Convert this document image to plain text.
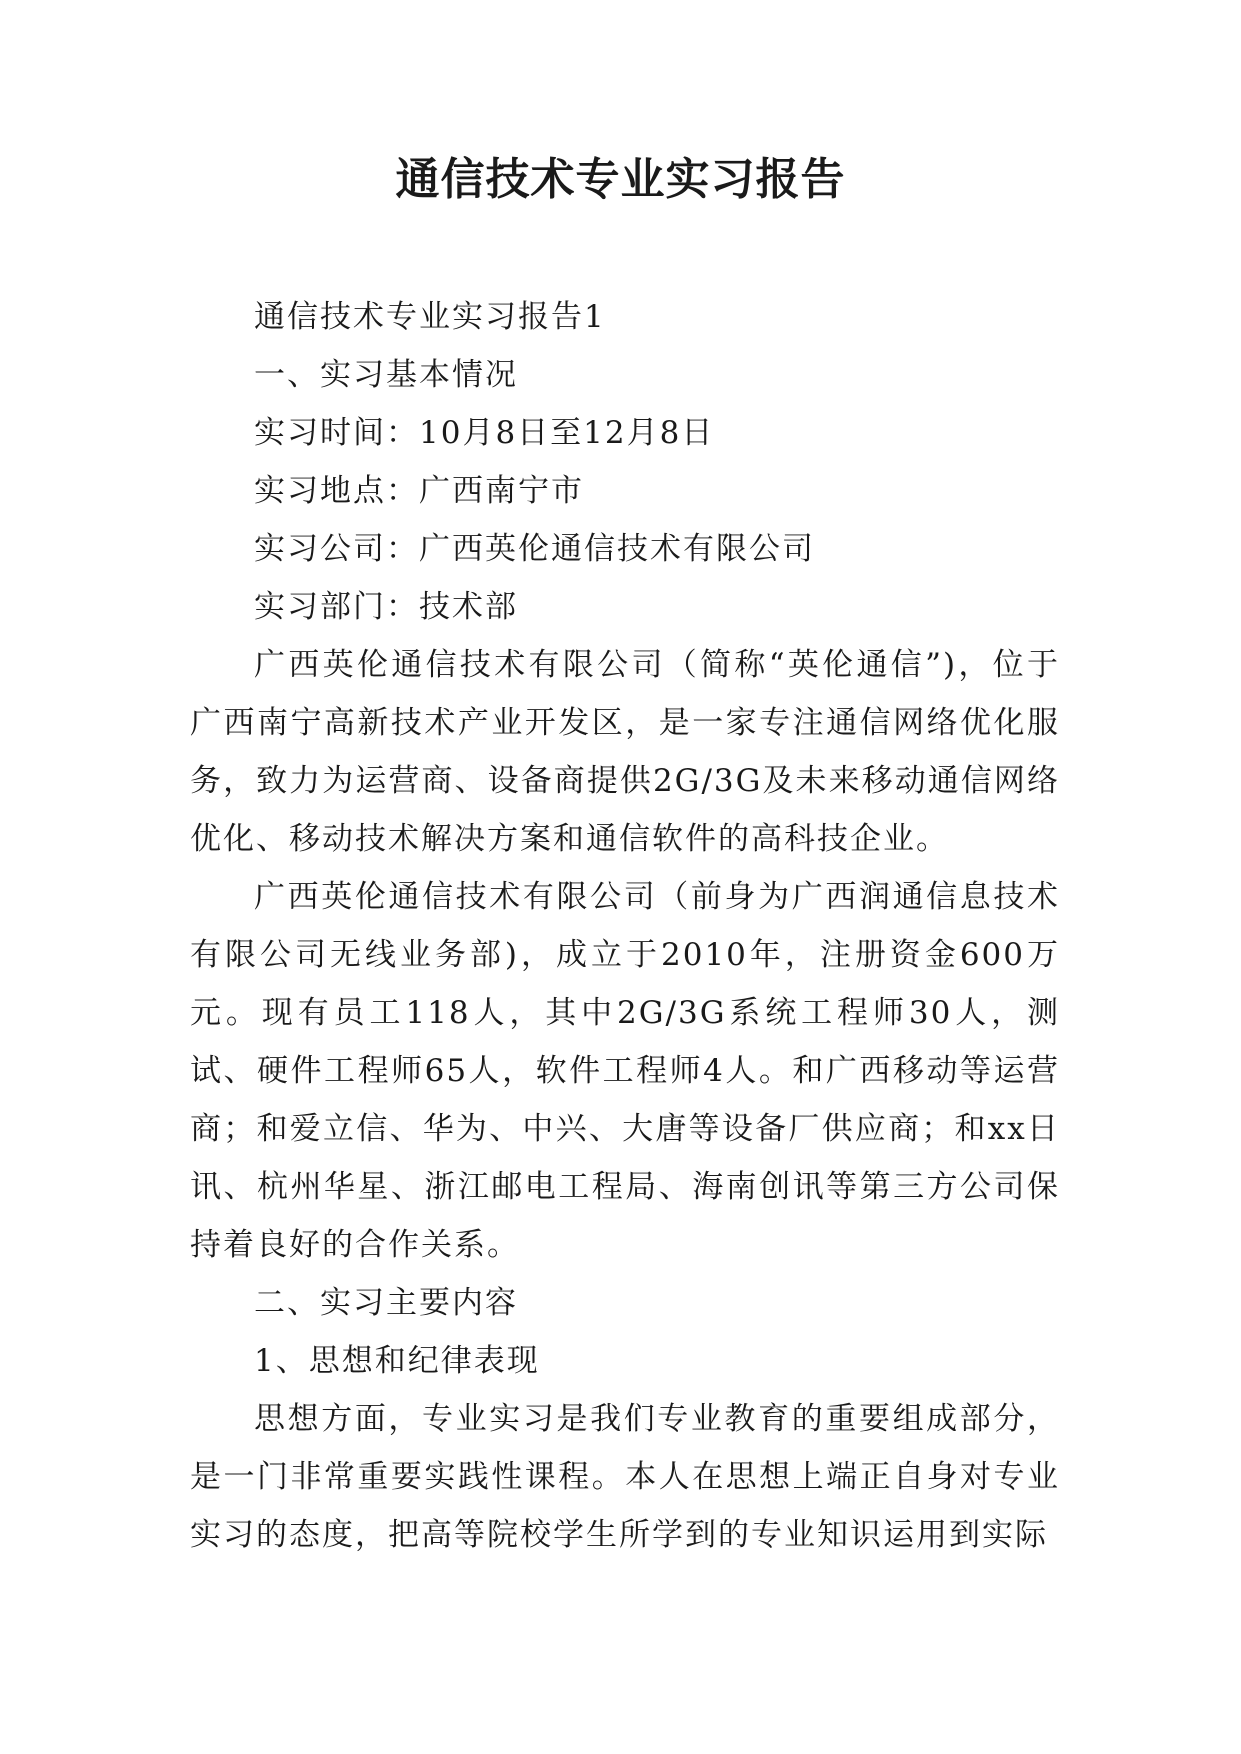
通信技术专业实习报告

通信技术专业实习报告1

一、实习基本情况

实习时间：10月8日至12月8日

实习地点：广西南宁市

实习公司：广西英伦通信技术有限公司

实习部门：技术部

广西英伦通信技术有限公司（简称“英伦通信”)，位于广西南宁高新技术产业开发区，是一家专注通信网络优化服务，致力为运营商、设备商提供2G/3G及未来移动通信网络优化、移动技术解决方案和通信软件的高科技企业。

广西英伦通信技术有限公司（前身为广西润通信息技术有限公司无线业务部)，成立于2010年，注册资金600万元。现有员工118人，其中2G/3G系统工程师30人，测试、硬件工程师65人，软件工程师4人。和广西移动等运营商；和爱立信、华为、中兴、大唐等设备厂供应商；和xx日讯、杭州华星、浙江邮电工程局、海南创讯等第三方公司保持着良好的合作关系。

二、实习主要内容

1、思想和纪律表现

思想方面，专业实习是我们专业教育的重要组成部分，是一门非常重要实践性课程。本人在思想上端正自身对专业实习的态度，把高等院校学生所学到的专业知识运用到实际
